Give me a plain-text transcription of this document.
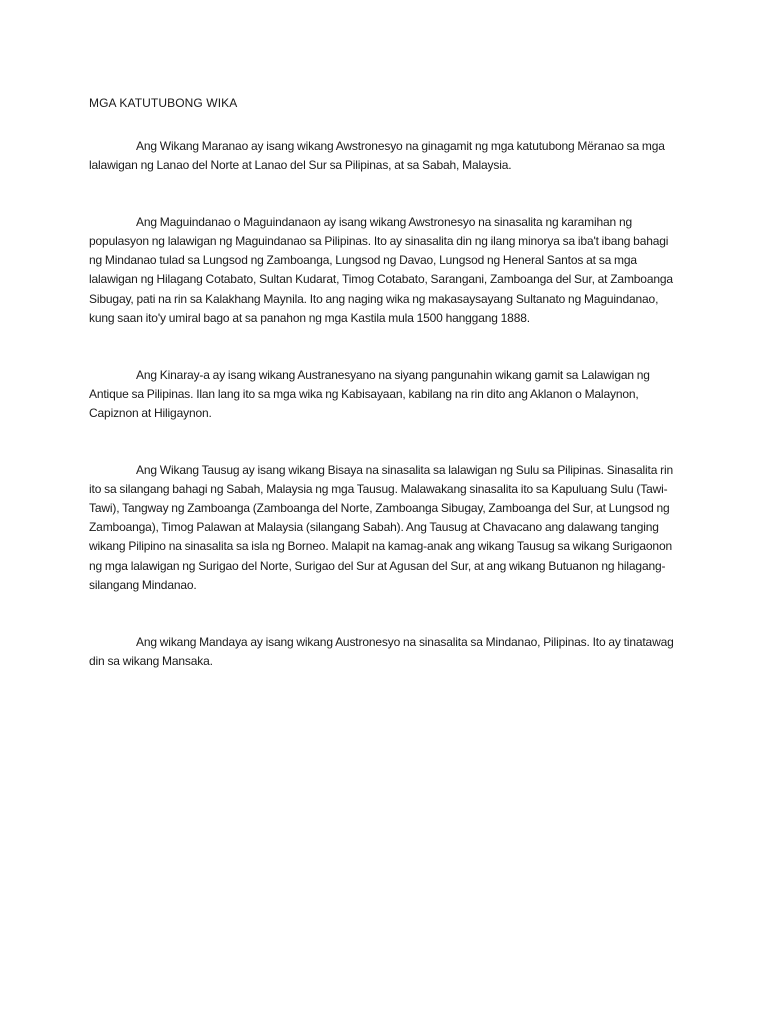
MGA KATUTUBONG WIKA

Ang Wikang Maranao ay isang wikang Awstronesyo na ginagamit ng mga katutubong Mëranao sa mga lalawigan ng Lanao del Norte at Lanao del Sur sa Pilipinas, at sa Sabah, Malaysia.

Ang Maguindanao o Maguindanaon ay isang wikang Awstronesyo na sinasalita ng karamihan ng populasyon ng lalawigan ng Maguindanao sa Pilipinas. Ito ay sinasalita din ng ilang minorya sa iba't ibang bahagi ng Mindanao tulad sa Lungsod ng Zamboanga, Lungsod ng Davao, Lungsod ng Heneral Santos at sa mga lalawigan ng Hilagang Cotabato, Sultan Kudarat, Timog Cotabato, Sarangani, Zamboanga del Sur, at Zamboanga Sibugay, pati na rin sa Kalakhang Maynila. Ito ang naging wika ng makasaysayang Sultanato ng Maguindanao, kung saan ito'y umiral bago at sa panahon ng mga Kastila mula 1500 hanggang 1888.

Ang Kinaray-a ay isang wikang Austranesyano na siyang pangunahin wikang gamit sa Lalawigan ng Antique sa Pilipinas. Ilan lang ito sa mga wika ng Kabisayaan, kabilang na rin dito ang Aklanon o Malaynon, Capiznon at Hiligaynon.

Ang Wikang Tausug ay isang wikang Bisaya na sinasalita sa lalawigan ng Sulu sa Pilipinas. Sinasalita rin ito sa silangang bahagi ng Sabah, Malaysia ng mga Tausug. Malawakang sinasalita ito sa Kapuluang Sulu (Tawi-Tawi), Tangway ng Zamboanga (Zamboanga del Norte, Zamboanga Sibugay, Zamboanga del Sur, at Lungsod ng Zamboanga), Timog Palawan at Malaysia (silangang Sabah). Ang Tausug at Chavacano ang dalawang tanging wikang Pilipino na sinasalita sa isla ng Borneo. Malapit na kamag-anak ang wikang Tausug sa wikang Surigaonon ng mga lalawigan ng Surigao del Norte, Surigao del Sur at Agusan del Sur, at ang wikang Butuanon ng hilagang-silangang Mindanao.

Ang wikang Mandaya ay isang wikang Austronesyo na sinasalita sa Mindanao, Pilipinas. Ito ay tinatawag din sa wikang Mansaka.
